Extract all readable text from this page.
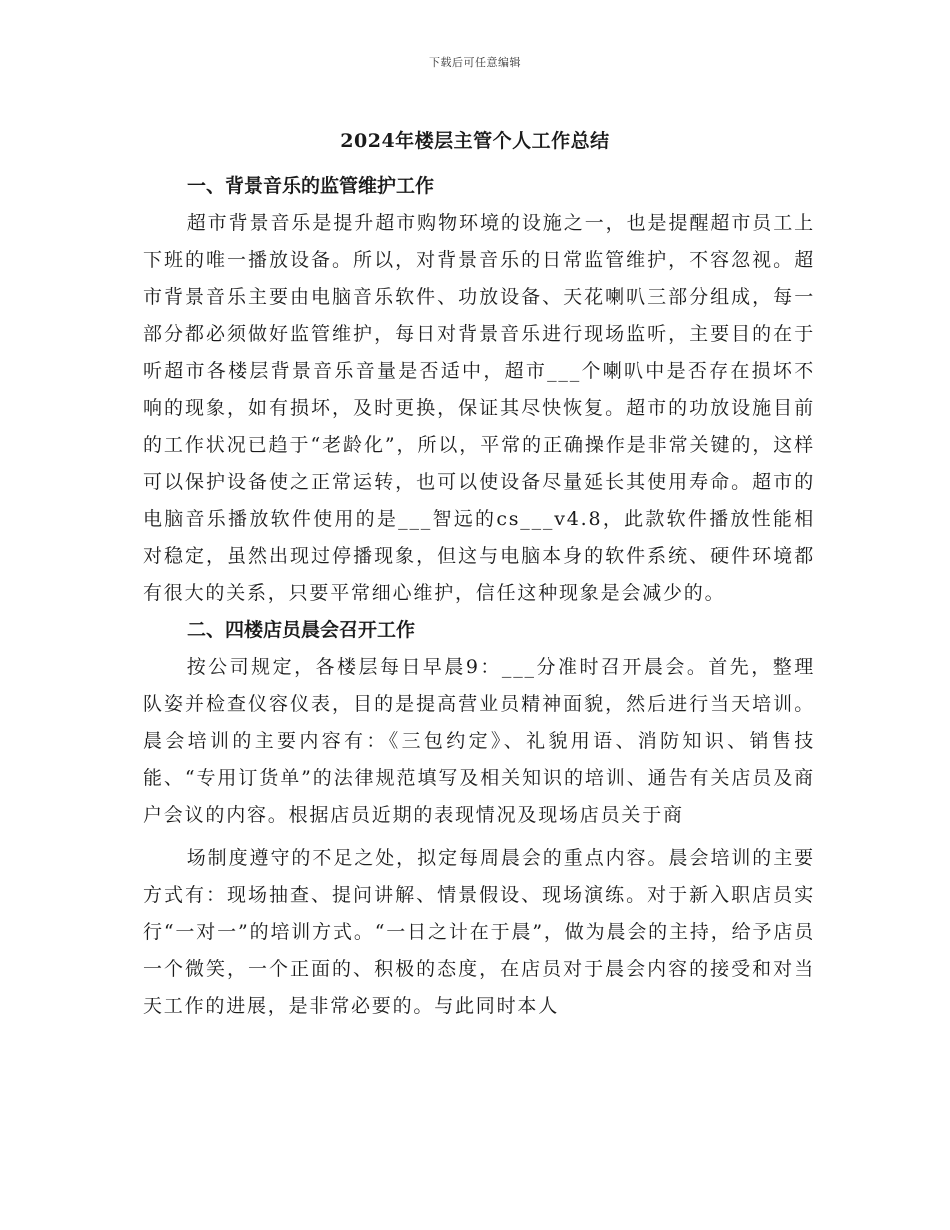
下载后可任意编辑
2024年楼层主管个人工作总结

一、背景音乐的监管维护工作

超市背景音乐是提升超市购物环境的设施之一，也是提醒超市员工上下班的唯一播放设备。所以，对背景音乐的日常监管维护，不容忽视。超市背景音乐主要由电脑音乐软件、功放设备、天花喇叭三部分组成，每一部分都必须做好监管维护，每日对背景音乐进行现场监听，主要目的在于听超市各楼层背景音乐音量是否适中，超市___个喇叭中是否存在损坏不响的现象，如有损坏，及时更换，保证其尽快恢复。超市的功放设施目前的工作状况已趋于“老龄化”，所以，平常的正确操作是非常关键的，这样可以保护设备使之正常运转，也可以使设备尽量延长其使用寿命。超市的电脑音乐播放软件使用的是___智远的cs___v4.8，此款软件播放性能相对稳定，虽然出现过停播现象，但这与电脑本身的软件系统、硬件环境都有很大的关系，只要平常细心维护，信任这种现象是会减少的。

二、四楼店员晨会召开工作

按公司规定，各楼层每日早晨9：___分准时召开晨会。首先，整理队姿并检查仪容仪表，目的是提高营业员精神面貌，然后进行当天培训。晨会培训的主要内容有：《三包约定》、礼貌用语、消防知识、销售技能、“专用订货单”的法律规范填写及相关知识的培训、通告有关店员及商户会议的内容。根据店员近期的表现情况及现场店员关于商

场制度遵守的不足之处，拟定每周晨会的重点内容。晨会培训的主要方式有：现场抽查、提问讲解、情景假设、现场演练。对于新入职店员实行“一对一”的培训方式。“一日之计在于晨”，做为晨会的主持，给予店员一个微笑，一个正面的、积极的态度，在店员对于晨会内容的接受和对当天工作的进展，是非常必要的。与此同时本人
